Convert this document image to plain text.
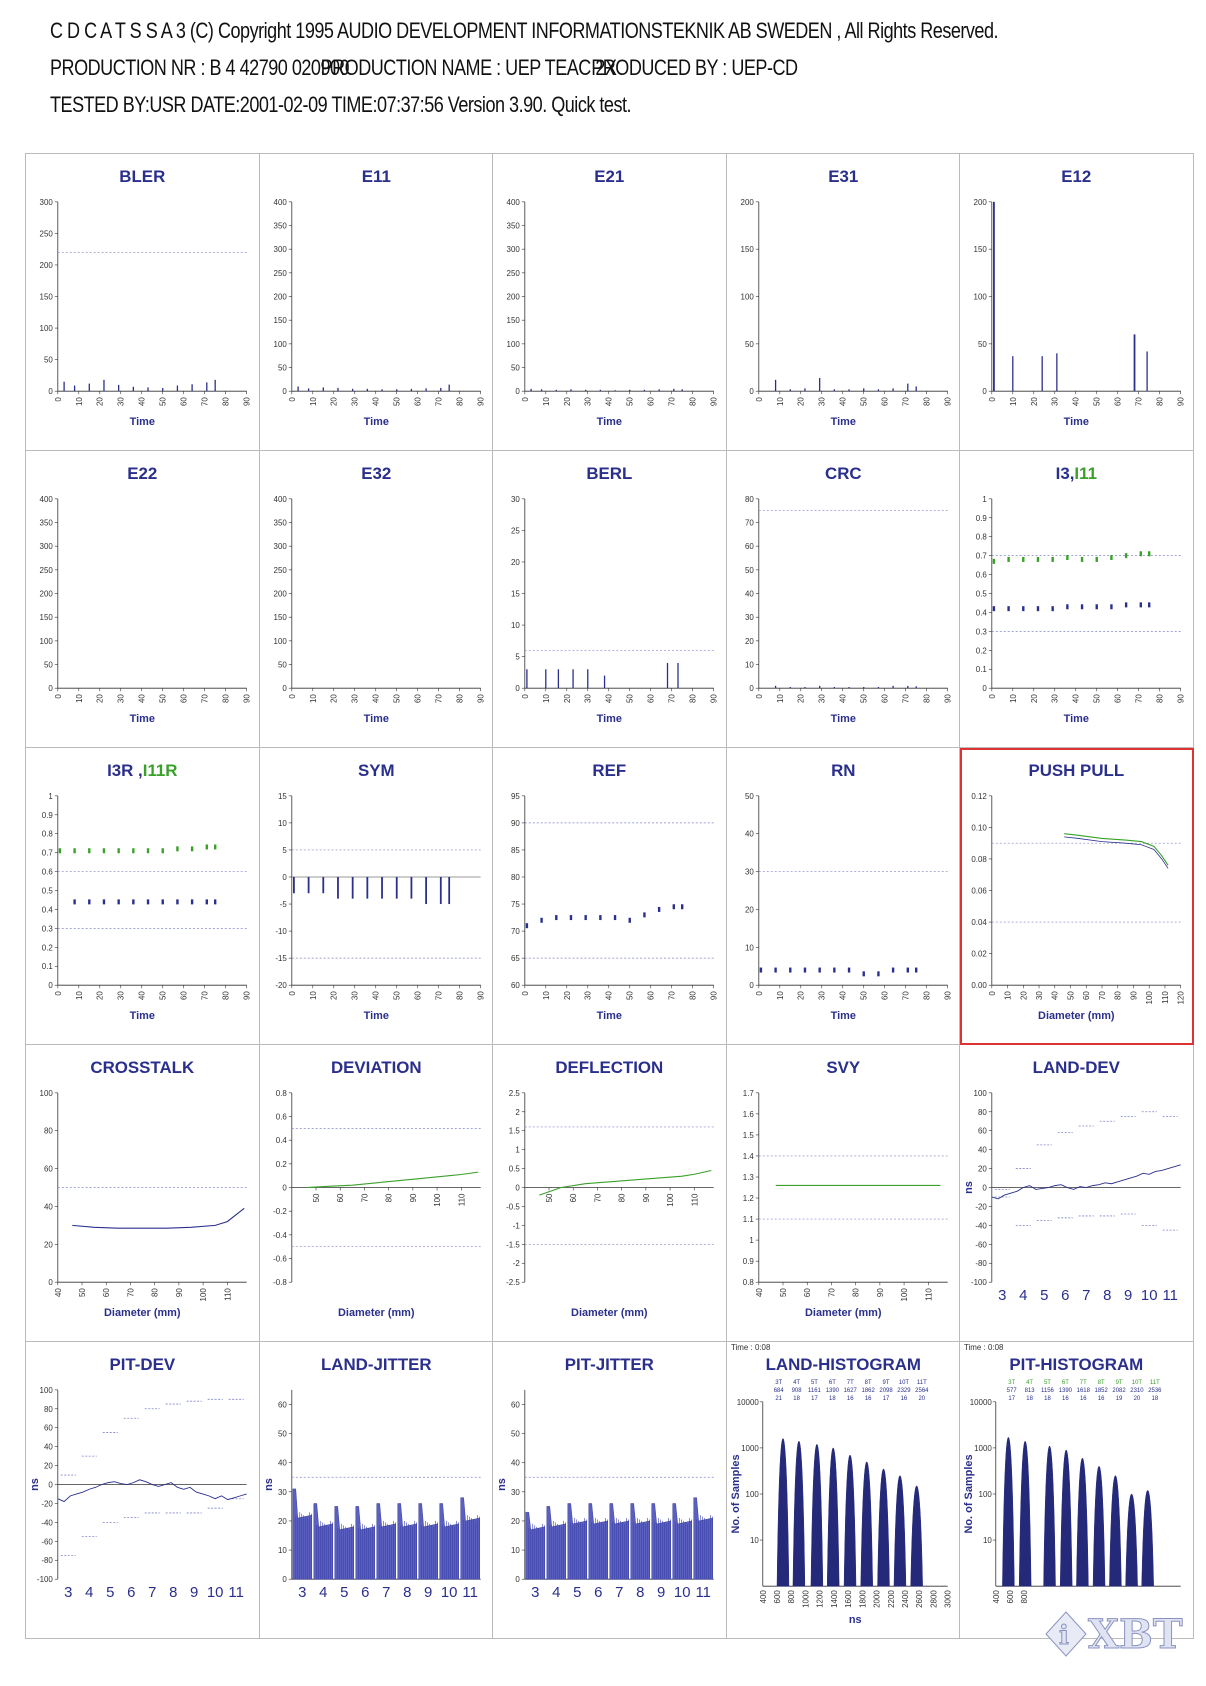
C D C A T S S A 3 (C) Copyright 1995 AUDIO DEVELOPMENT INFORMATIONSTEKNIK AB SWEDEN , All Rights Reserved.
PRODUCTION NR : B 4 42790 020900PRODUCTION NAME : UEP TEAC 2XPRODUCED BY : UEP-CD
TESTED BY:USR DATE:2001-02-09 TIME:07:37:56 Version 3.90. Quick test.
BLER
0
50
100
150
200
250
300
0 10 20 30 40 50 60 70 80 90
Time
E11
0
50
100
150
200
250
300
350
400
0 10 20 30 40 50 60 70 80 90
Time
E21
0
50
100
150
200
250
300
350
400
0 10 20 30 40 50 60 70 80 90
Time
E31
0
50
100
150
200
0 10 20 30 40 50 60 70 80 90
Time
E12
0
50
100
150
200
0 10 20 30 40 50 60 70 80 90
Time
E22
0
50
100
150
200
250
300
350
400
0 10 20 30 40 50 60 70 80 90
Time
E32
0
50
100
150
200
250
300
350
400
0 10 20 30 40 50 60 70 80 90
Time
BERL
0
5
10
15
20
25
30
0 10 20 30 40 50 60 70 80 90
Time
CRC
0
10
20
30
40
50
60
70
80
0 10 20 30 40 50 60 70 80 90
Time
I3,I11
0
0.1
0.2
0.3
0.4
0.5
0.6
0.7
0.8
0.9
1
0 10 20 30 40 50 60 70 80 90
Time
I3R ,I11R
0
0.1
0.2
0.3
0.4
0.5
0.6
0.7
0.8
0.9
1
0 10 20 30 40 50 60 70 80 90
Time
SYM
-20
-15
-10
-5
0
5
10
15
0 10 20 30 40 50 60 70 80 90
Time
REF
60
65
70
75
80
85
90
95
0 10 20 30 40 50 60 70 80 90
Time
RN
0
10
20
30
40
50
0 10 20 30 40 50 60 70 80 90
Time
PUSH PULL
0.00
0.02
0.04
0.06
0.08
0.10
0.12
0 10 20 30 40 50 60 70 80 90 100 110 120
Diameter (mm)
CROSSTALK
0
20
40
60
80
100
40 50 60 70 80 90 100 110
Diameter (mm)
DEVIATION
-0.8
-0.6
-0.4
-0.2
0
0.2
0.4
0.6
0.8
50 60 70 80 90 100 110
Diameter (mm)
DEFLECTION
-2.5
-2
-1.5
-1
-0.5
0
0.5
1
1.5
2
2.5
50 60 70 80 90 100 110
Diameter (mm)
SVY
0.8
0.9
1
1.1
1.2
1.3
1.4
1.5
1.6
1.7
40 50 60 70 80 90 100 110
Diameter (mm)
LAND-DEV
-100
-80
-60
-40
-20
0
20
40
60
80
100
ns
3 4 5 6 7 8 9 10 11
PIT-DEV
-100
-80
-60
-40
-20
0
20
40
60
80
100
ns
3 4 5 6 7 8 9 10 11
LAND-JITTER
0
10
20
30
40
50
60
ns
3 4 5 6 7 8 9 10 11
PIT-JITTER
0
10
20
30
40
50
60
ns
3 4 5 6 7 8 9 10 11
LAND-HISTOGRAM
Time : 0:08
3T
684
21
4T
908
18
5T
1161
17
6T
1390
18
7T
1627
16
8T
1862
16
9T
2098
17
10T
2329
16
11T
2564
20
10
100
1000
10000
400 600 800 1000 1200 1400 1600 1800 2000 2200 2400 2600 2800 3000
No. of Samples
ns
PIT-HISTOGRAM
Time : 0:08
3T
577
17
4T
813
18
5T
1156
18
6T
1390
16
7T
1618
16
8T
1852
16
9T
2082
19
10T
2310
20
11T
2536
18
10
100
1000
10000
400 600 800
No. of Samples
i XBT
